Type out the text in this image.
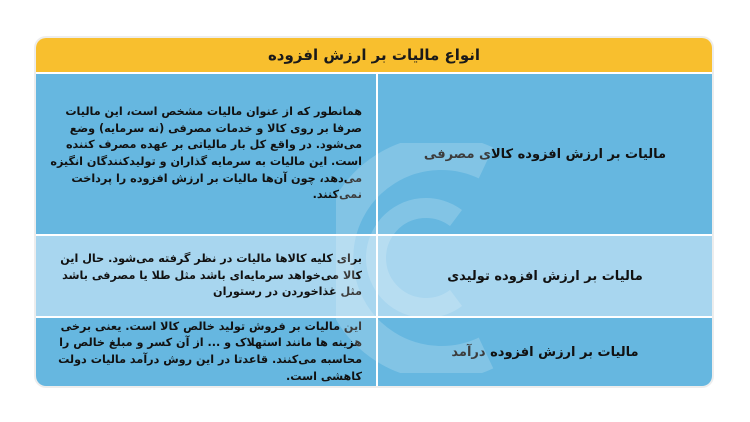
انواع مالیات بر ارزش افزوده
مالیات بر ارزش افزوده کالای مصرفی
همانطور که از عنوان مالیات مشخص است، این مالیات صرفا بر روی کالا و خدمات مصرفی (نه سرمایه) وضع می‌شود. در واقع کل بار مالیاتی بر عهده مصرف کننده است. این مالیات به سرمایه گذاران و تولیدکنندگان انگیزه می‌دهد، چون آن‌ها مالیات بر ارزش افزوده را پرداخت نمی‌کنند.
مالیات بر ارزش افزوده تولیدی
برای کلیه کالاها مالیات در نظر گرفته می‌شود. حال این کالا می‌خواهد سرمایه‌ای باشد مثل طلا یا مصرفی باشد مثل غذاخوردن در رستوران
مالیات بر ارزش افزوده درآمد
این مالیات بر فروش تولید خالص کالا است. یعنی برخی هزینه ها مانند استهلاک و ... از آن کسر و مبلغ خالص را محاسبه می‌کنند. قاعدتا در این روش درآمد مالیات دولت کاهشی است.
